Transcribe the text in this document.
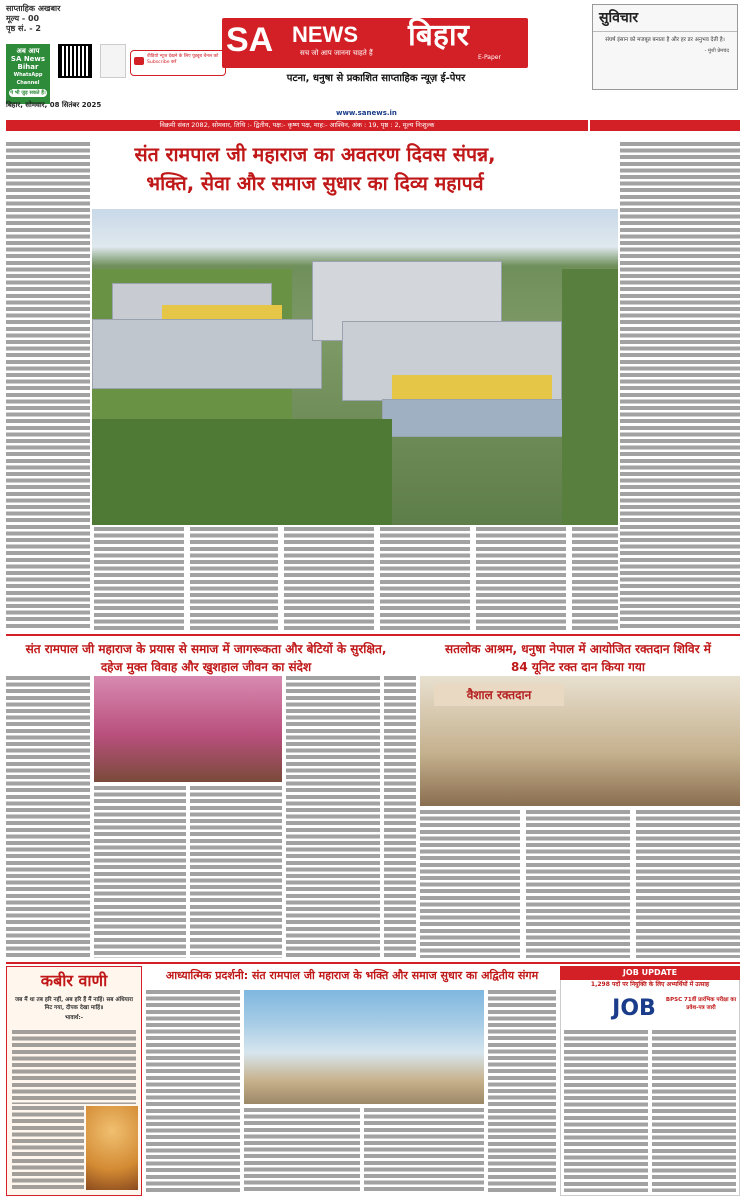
साप्ताहिक अखबार
मूल्य - 00
पृष्ठ सं. - 2
अब आप
SA News Bihar
WhatsApp Channel
पे भी जुड़ सकते हैं।
वीडियो न्यूज देखने के लिए यूट्यूब चैनल को Subscribe करें
SA NEWS बिहार
सच जो आप जानना चाहते हैं
E-Paper
पटना, धनुषा से प्रकाशित साप्ताहिक न्यूज़ ई-पेपर
सुविचार
संघर्ष इंसान को मजबूत बनाता है और हर डर अनुभव देती है।
- मुंशी प्रेमचंद
बिहार, सोमवार, 08 सितंबर 2025
www.sanews.in
विक्रमी संवत 2082, सोमवार, तिथि :- द्वितीय, पक्ष:- कृष्ण पक्ष, माह:- आश्विन, अंक : 19, पृष्ठ : 2, मूल्य निःशुल्क
संत रामपाल जी महाराज का अवतरण दिवस संपन्न,
भक्ति, सेवा और समाज सुधार का दिव्य महापर्व
संत रामपाल जी महाराज के प्रयास से समाज में जागरूकता और बेटियों के सुरक्षित,
दहेज मुक्त विवाह और खुशहाल जीवन का संदेश
सतलोक आश्रम, धनुषा नेपाल में आयोजित रक्तदान शिविर में
84 यूनिट रक्त दान किया गया
वैशाल रक्तदान
कबीर वाणी
जब मैं था तब हरि नहीं, अब हरि हैं मैं नाहिं। सब अंधियारा मिट गया, दीपक देखा माहिं॥
भावार्थ:-
आध्यात्मिक प्रदर्शनी: संत रामपाल जी महाराज के भक्ति और समाज सुधार का अद्वितीय संगम	JOB UPDATE
1,298 पदों पर नियुक्ति के लिए अभ्यर्थियों में उत्साह
JOB	BPSC 71वीं प्रारंभिक परीक्षा का प्रवेश-पत्र जारी
